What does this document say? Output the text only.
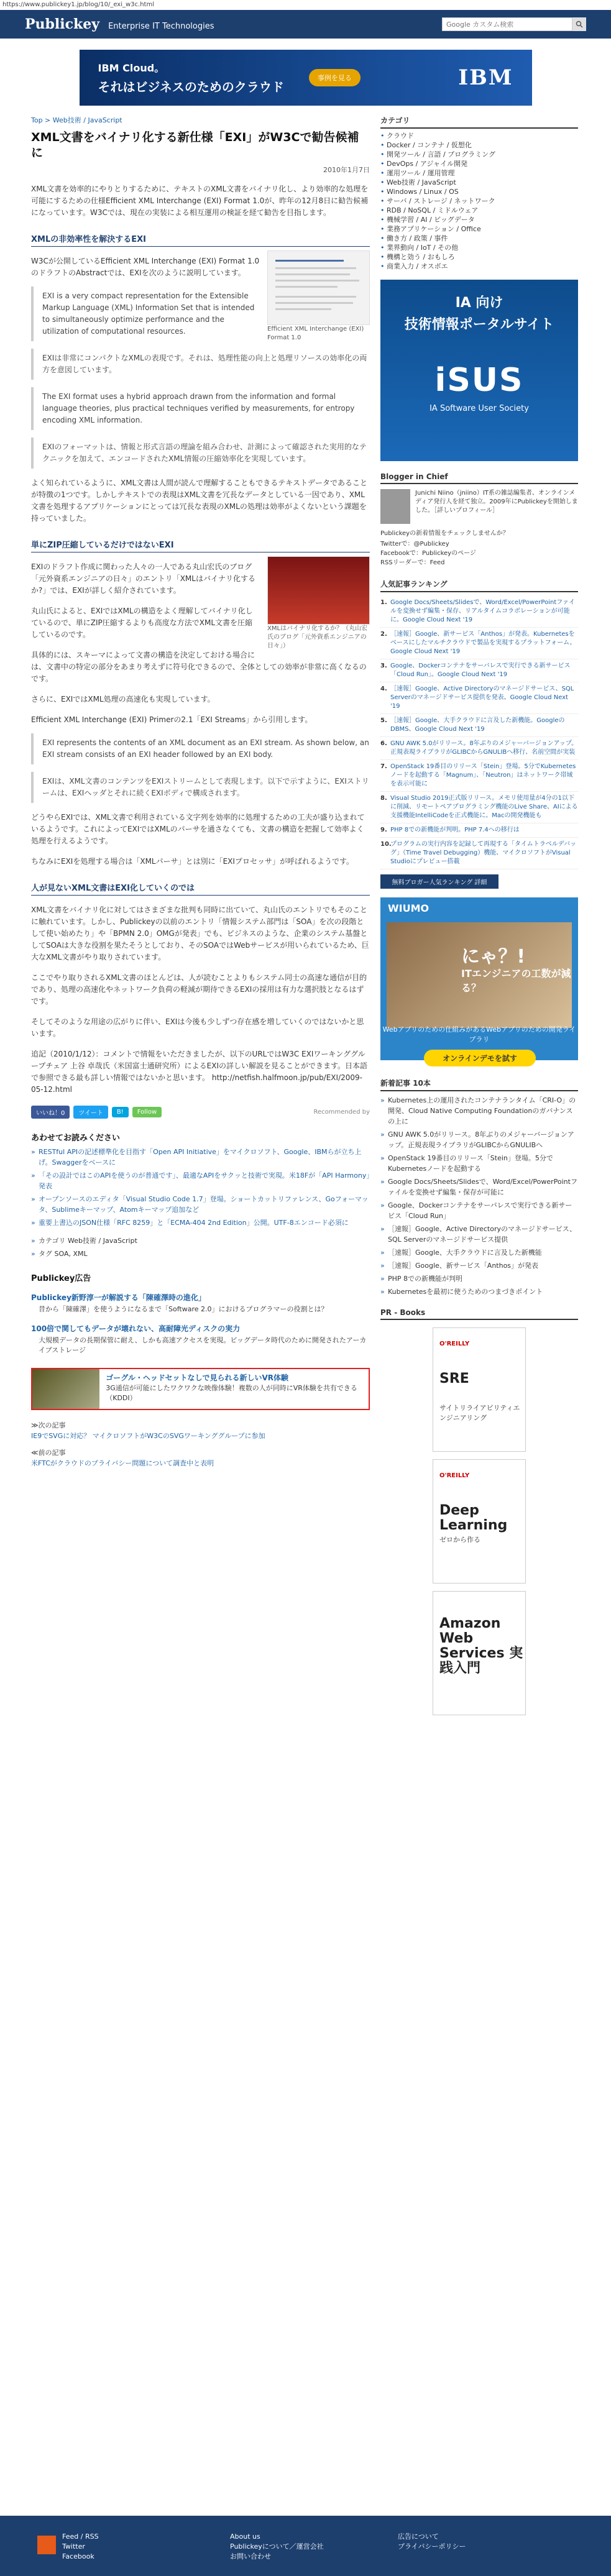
https://www.publickey1.jp/blog/10/_exi_w3c.html
Publickey Enterprise IT Technologies
Google カスタム検索
IBM Cloud。
それはビジネスのためのクラウド
事例を見る	IBM
Top > Web技術 / JavaScript
XML文書をバイナリ化する新仕様「EXI」がW3Cで勧告候補に
2010年1月7日
XML文書を効率的にやりとりするために、テキストのXML文書をバイナリ化し、より効率的な処理を可能にするための仕様Efficient XML Interchange (EXI) Format 1.0が、昨年の12月8日に勧告候補になっています。W3Cでは、現在の実装による相互運用の検証を経て勧告を目指します。
XMLの非効率性を解決するEXI
Efficient XML Interchange (EXI) Format 1.0
W3Cが公開しているEfficient XML Interchange (EXI) Format 1.0のドラフトのAbstractでは、EXIを次のように説明しています。
EXI is a very compact representation for the Extensible Markup Language (XML) Information Set that is intended to simultaneously optimize performance and the utilization of computational resources.
EXIは非常にコンパクトなXMLの表現です。それは、処理性能の向上と処理リソースの効率化の両方を意図しています。
The EXI format uses a hybrid approach drawn from the information and formal language theories, plus practical techniques verified by measurements, for entropy encoding XML information.
EXIのフォーマットは、情報と形式言語の理論を組み合わせ、計測によって確認された実用的なテクニックを加えて、エンコードされたXML情報の圧縮効率化を実現しています。
よく知られているように、XML文書は人間が読んで理解することもできるテキストデータであることが特徴の1つです。しかしテキストでの表現はXML文書を冗長なデータとしている一因であり、XML文書を処理するアプリケーションにとっては冗長な表現のXMLの処理は効率がよくないという課題を持っていました。
単にZIP圧縮しているだけではないEXI
XMLはバイナリ化するか？（丸山宏氏のブログ「元外資系エンジニアの日々」）
EXIのドラフト作成に関わった人々の一人である丸山宏氏のブログ「元外資系エンジニアの日々」のエントリ「XMLはバイナリ化するか?」では、EXIが詳しく紹介されています。
丸山氏によると、EXIではXMLの構造をよく理解してバイナリ化しているので、単にZIP圧縮するよりも高度な方法でXML文書を圧縮しているのです。
具体的には、スキーマによって文書の構造を決定しておける場合には、文書中の特定の部分をあまり考えずに符号化できるので、全体としての効率が非常に高くなるのです。
さらに、EXIではXML処理の高速化も実現しています。
Efficient XML Interchange (EXI) Primerの2.1「EXI Streams」から引用します。
EXI represents the contents of an XML document as an EXI stream. As shown below, an EXI stream consists of an EXI header followed by an EXI body.
EXIは、XML文書のコンテンツをEXIストリームとして表現します。以下で示すように、EXIストリームは、EXIヘッダとそれに続くEXIボディで構成されます。
どうやらEXIでは、XML文書で利用されている文字列を効率的に処理するための工夫が盛り込まれているようです。これによってEXIではXMLのパーサを通さなくても、文書の構造を把握して効率よく処理を行えるようです。
ちなみにEXIを処理する場合は「XMLパーサ」とは別に「EXIプロセッサ」が呼ばれるようです。
人が見ないXML文書はEXI化していくのでは
XML文書をバイナリ化に対してはさまざまな批判も同時に出ていて、丸山氏のエントリでもそのことに触れています。しかし、Publickeyの以前のエントリ「情報システム部門は「SOA」を次の段階として使い始めたり」や「BPMN 2.0」OMGが発表」でも、ビジネスのような、企業のシステム基盤としてSOAは大きな役割を果たそうとしており、そのSOAではWebサービスが用いられているため、巨大なXML文書がやり取りされています。
ここでやり取りされるXML文書のほとんどは、人が読むことよりもシステム同士の高速な通信が目的であり、処理の高速化やネットワーク負荷の軽減が期待できるEXIの採用は有力な選択肢となるはずです。
そしてそのような用途の広がりに伴い、EXIは今後も少しずつ存在感を増していくのではないかと思います。
追記（2010/1/12）：コメントで情報をいただきましたが、以下のURLではW3C EXIワーキンググループチェア 上谷 卓哉氏（米国富士通研究所）によるEXIの詳しい解説を見ることができます。日本語で参照できる最も詳しい情報ではないかと思います。 http://netfish.halfmoon.jp/pub/EXI/2009-05-12.html
いいね！0	ツイート	B!	Follow	Recommended by
あわせてお読みください
» RESTful APIの記述標準化を目指す「Open API Initiative」をマイクロソフト、Google、IBMらが立ち上げ。Swaggerをベースに
» 「その設計ではこのAPIを使うのが普通です」、最適なAPIをサクッと技術で実現。米18Fが「API Harmony」発表
» オープンソースのエディタ「Visual Studio Code 1.7」登場。ショートカットリファレンス、Goフォーマッタ、Sublimeキーマップ、Atomキーマップ追加など
» 重要上書込のJSON仕様「RFC 8259」と「ECMA-404 2nd Edition」公開。UTF-8エンコード必須に
» カテゴリ Web技術 / JavaScript
» タグ SOA, XML
Publickey広告
Publickey新野淳一が解説する「陳確澤時の進化」
昔から「陳確澤」を使うようになるまで「Software 2.0」におけるプログラマーの役割とは？
100倍で関してもデータが壊れない、高耐障光ディスクの実力
大規模データの長期保管に耐え、しかも高速アクセスを実現。ビッグデータ時代のために開発されたアーカイブストレージ
ゴーグル・ヘッドセットなしで見られる新しいVR体験
3G通信が可能にしたワクワクな映像体験！複数の人が同時にVR体験を共有できる （KDDI）
≫次の記事
IE9でSVGに対応？ マイクロソフトがW3CのSVGワーキンググループに参加
≪前の記事
米FTCがクラウドのプライバシー問題について調査中と表明
カテゴリ
• クラウド
• Docker / コンテナ / 仮想化
• 開発ツール / 言語 / プログラミング
• DevOps / アジャイル開発
• 運用ツール / 運用管理
• Web技術 / JavaScript
• Windows / Linux / OS
• サーバ / ストレージ / ネットワーク
• RDB / NoSQL / ミドルウェア
• 機械学習 / AI / ビッグデータ
• 業務アプリケーション / Office
• 働き方 / 政策 / 事件
• 業界動向 / IoT / その他
• 機構と効う / おもしろ
• 商業入力 / オスボエ
IA 向け
技術情報ポータルサイト
iSUS
IA Software User Society
Blogger in Chief
Junichi Niino（jniino）IT系の雑誌編集者、オンラインメディア発行人を経て独立。2009年にPublickeyを開始しました。［詳しいプロフィール］
Publickeyの新着情報をチェックしませんか？
Twitterで：@Publickey
Facebookで：Publickeyのページ
RSSリーダーで：Feed
人気記事ランキング
1. Google Docs/Sheets/Slidesで、Word/Excel/PowerPointファイルを変換せず編集・保存、リアルタイムコラボレーションが可能に。Google Cloud Next '19
2. ［速報］Google、新サービス「Anthos」が発表。Kubernetesをベースにしたマルチクラウドで製品を実現するプラットフォーム。Google Cloud Next '19
3. Google、Dockerコンテナをサーバレスで実行できる新サービス「Cloud Run」。Google Cloud Next '19
4. ［速報］Google、Active Directoryのマネージドサービス、SQL Serverのマネージドサービス提供を発表。Google Cloud Next '19
5. ［速報］Google、大手クラウドに言及した新機能。GoogleのDBMS、Google Cloud Next '19
6. GNU AWK 5.0がリリース。8年ぶりのメジャーバージョンアップ。正規表現ライブラリがGLIBCからGNULIBへ移行、名前空間が実装
7. OpenStack 19番目のリリース「Stein」登場。5分でKubernetesノードを起動する「Magnum」、「Neutron」はネットワーク帯域を表示可能に
8. Visual Studio 2019正式版リリース。メモリ使用量が4分の1以下に削減、リモートペアプログラミング機能のLive Share、AIによる支援機能IntelliCodeを正式機能に。Macの開発機能も
9. PHP 8での新機能が判明。PHP 7.4への移行は
10.
プログラムの実行内容を記録して再現する「タイムトラベルデバッグ」（Time Travel Debugging）機能、マイクロソフトがVisual Studioにプレビュー搭載
無料ブロガー人気ランキング 詳細
WIUMO
にゃ？!
ITエンジニアの工数が減る？
Webアプリのための仕組みがあるWebアプリのための開発ライブラリ
オンラインデモを試す
新着記事 10本
» Kubernetes上の運用されたコンテナランタイム「CRI-O」の開発、Cloud Native Computing Foundationのガバナンスの上に
» GNU AWK 5.0がリリース。8年ぶりのメジャーバージョンアップ。正規表現ライブラリがGLIBCからGNULIBへ
» OpenStack 19番目のリリース「Stein」登場。5分でKubernetesノードを起動する
» Google Docs/Sheets/Slidesで、Word/Excel/PowerPointファイルを変換せず編集・保存が可能に
» Google、Dockerコンテナをサーバレスで実行できる新サービス「Cloud Run」
» ［速報］Google、Active Directoryのマネージドサービス、SQL Serverのマネージドサービス提供
» ［速報］Google、大手クラウドに言及した新機能
» ［速報］Google、新サービス「Anthos」が発表
» PHP 8での新機能が判明
» Kubernetesを最初に使うためのつまづきポイント
PR - Books
O'REILLY
SRE
サイトリライアビリティエンジニアリング
O'REILLY
Deep Learning
ゼロから作る
Amazon Web Services 実践入門
Feed / RSS
Twitter
Facebook
About us
Publickeyについて／運営会社
お問い合わせ
広告について
プライバシーポリシー
